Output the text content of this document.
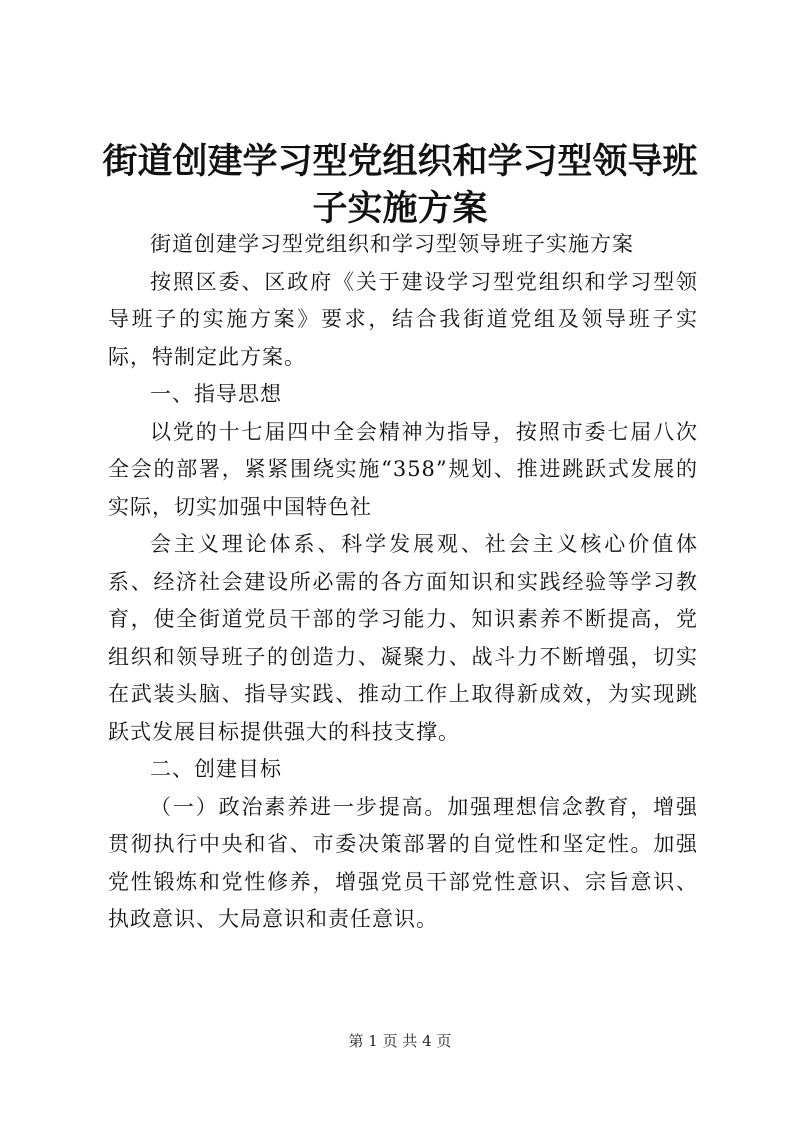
街道创建学习型党组织和学习型领导班子实施方案

街道创建学习型党组织和学习型领导班子实施方案

按照区委、区政府《关于建设学习型党组织和学习型领导班子的实施方案》要求，结合我街道党组及领导班子实际，特制定此方案。

一、指导思想

以党的十七届四中全会精神为指导，按照市委七届八次全会的部署，紧紧围绕实施“358”规划、推进跳跃式发展的实际，切实加强中国特色社

会主义理论体系、科学发展观、社会主义核心价值体系、经济社会建设所必需的各方面知识和实践经验等学习教育，使全街道党员干部的学习能力、知识素养不断提高，党组织和领导班子的创造力、凝聚力、战斗力不断增强，切实在武装头脑、指导实践、推动工作上取得新成效，为实现跳跃式发展目标提供强大的科技支撑。

二、创建目标

（一）政治素养进一步提高。加强理想信念教育，增强贯彻执行中央和省、市委决策部署的自觉性和坚定性。加强党性锻炼和党性修养，增强党员干部党性意识、宗旨意识、执政意识、大局意识和责任意识。

第 1 页 共 4 页
